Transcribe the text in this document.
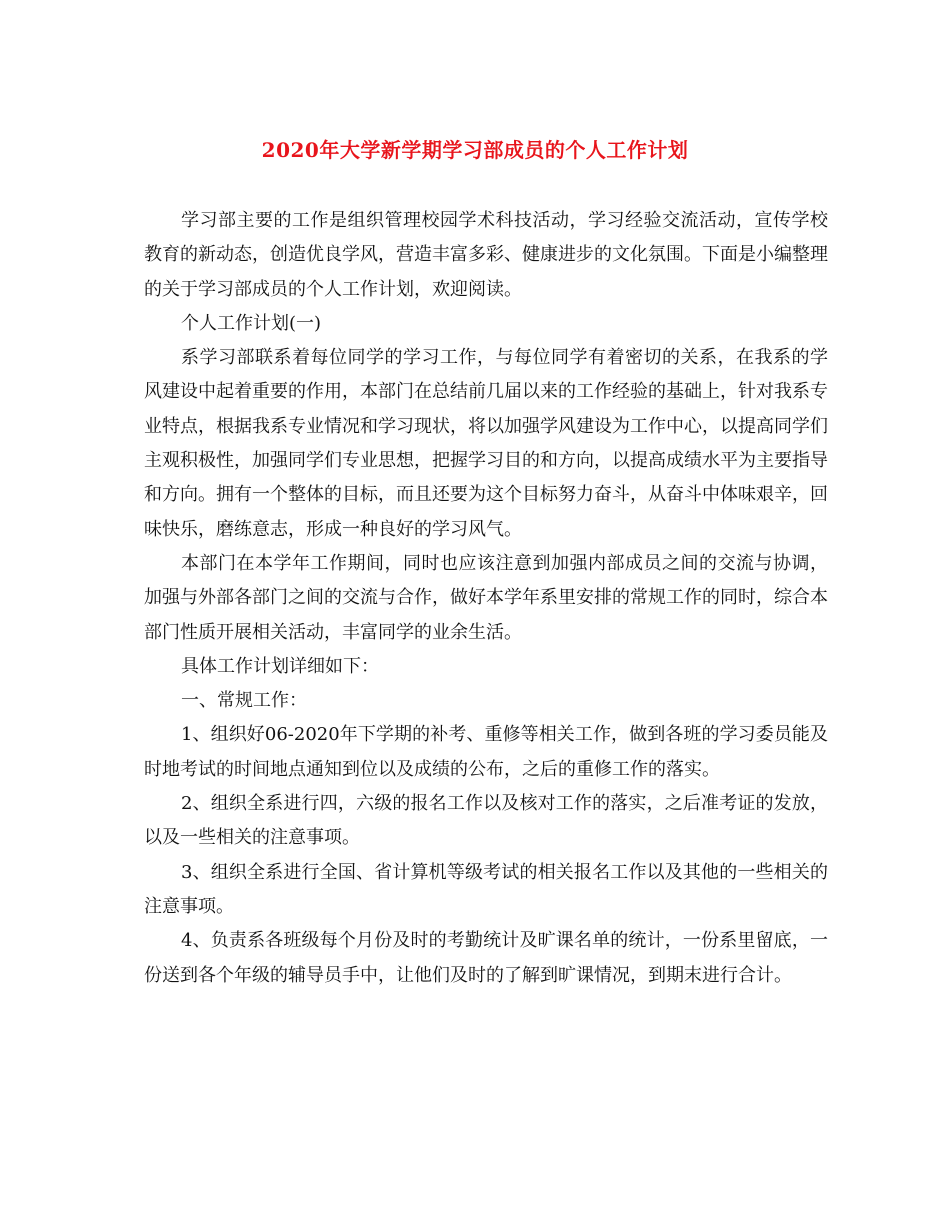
2020年大学新学期学习部成员的个人工作计划

学习部主要的工作是组织管理校园学术科技活动，学习经验交流活动，宣传学校教育的新动态，创造优良学风，营造丰富多彩、健康进步的文化氛围。下面是小编整理的关于学习部成员的个人工作计划，欢迎阅读。

个人工作计划(一)

系学习部联系着每位同学的学习工作，与每位同学有着密切的关系，在我系的学风建设中起着重要的作用，本部门在总结前几届以来的工作经验的基础上，针对我系专业特点，根据我系专业情况和学习现状，将以加强学风建设为工作中心，以提高同学们主观积极性，加强同学们专业思想，把握学习目的和方向，以提高成绩水平为主要指导和方向。拥有一个整体的目标，而且还要为这个目标努力奋斗，从奋斗中体味艰辛，回味快乐，磨练意志，形成一种良好的学习风气。

本部门在本学年工作期间，同时也应该注意到加强内部成员之间的交流与协调，加强与外部各部门之间的交流与合作，做好本学年系里安排的常规工作的同时，综合本部门性质开展相关活动，丰富同学的业余生活。

具体工作计划详细如下：

一、常规工作：

1、组织好06-2020年下学期的补考、重修等相关工作，做到各班的学习委员能及时地考试的时间地点通知到位以及成绩的公布，之后的重修工作的落实。

2、组织全系进行四，六级的报名工作以及核对工作的落实，之后准考证的发放，以及一些相关的注意事项。

3、组织全系进行全国、省计算机等级考试的相关报名工作以及其他的一些相关的注意事项。

4、负责系各班级每个月份及时的考勤统计及旷课名单的统计，一份系里留底，一份送到各个年级的辅导员手中，让他们及时的了解到旷课情况，到期末进行合计。
